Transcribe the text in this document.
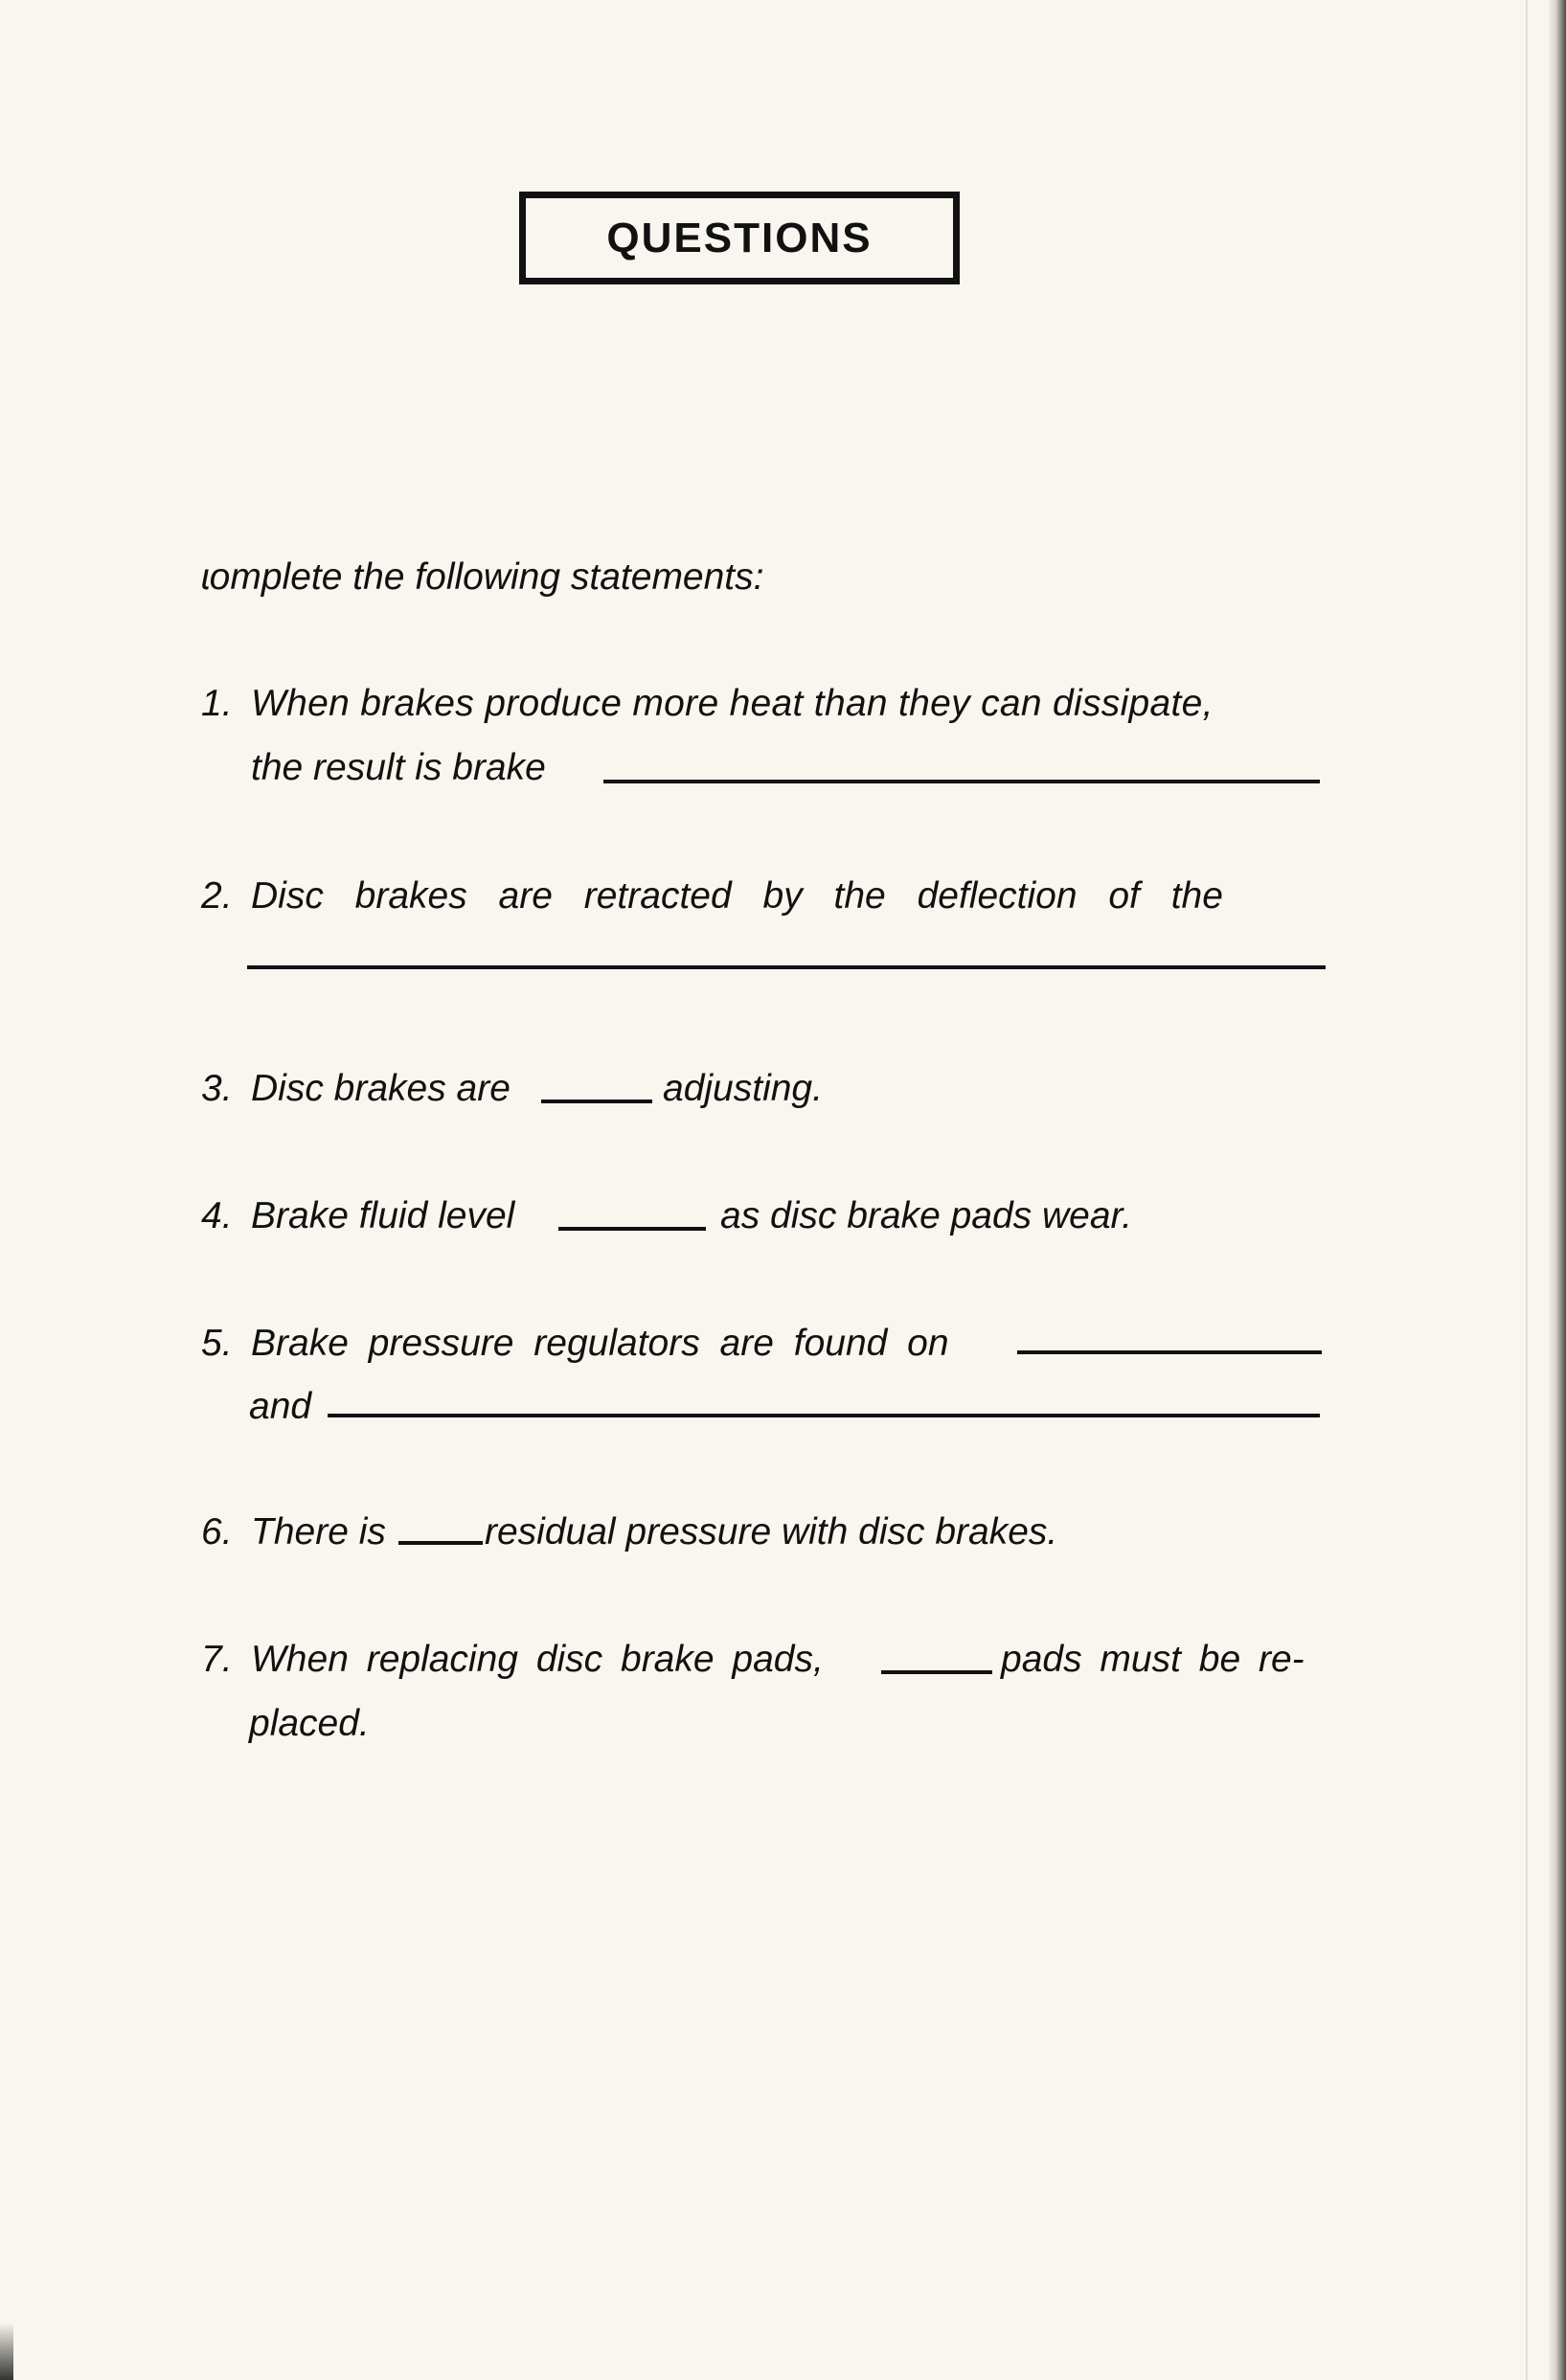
QUESTIONS
ɩomplete the following statements:
1. When brakes produce more heat than they can dissipate,
the result is brake
2. Disc brakes are retracted by the deflection of the
3. Disc brakes are	adjusting.
4. Brake fluid level	as disc brake pads wear.
5. Brake pressure regulators are found on
and
6. There is	residual pressure with disc brakes.
7. When replacing disc brake pads,	pads must be re-
placed.
